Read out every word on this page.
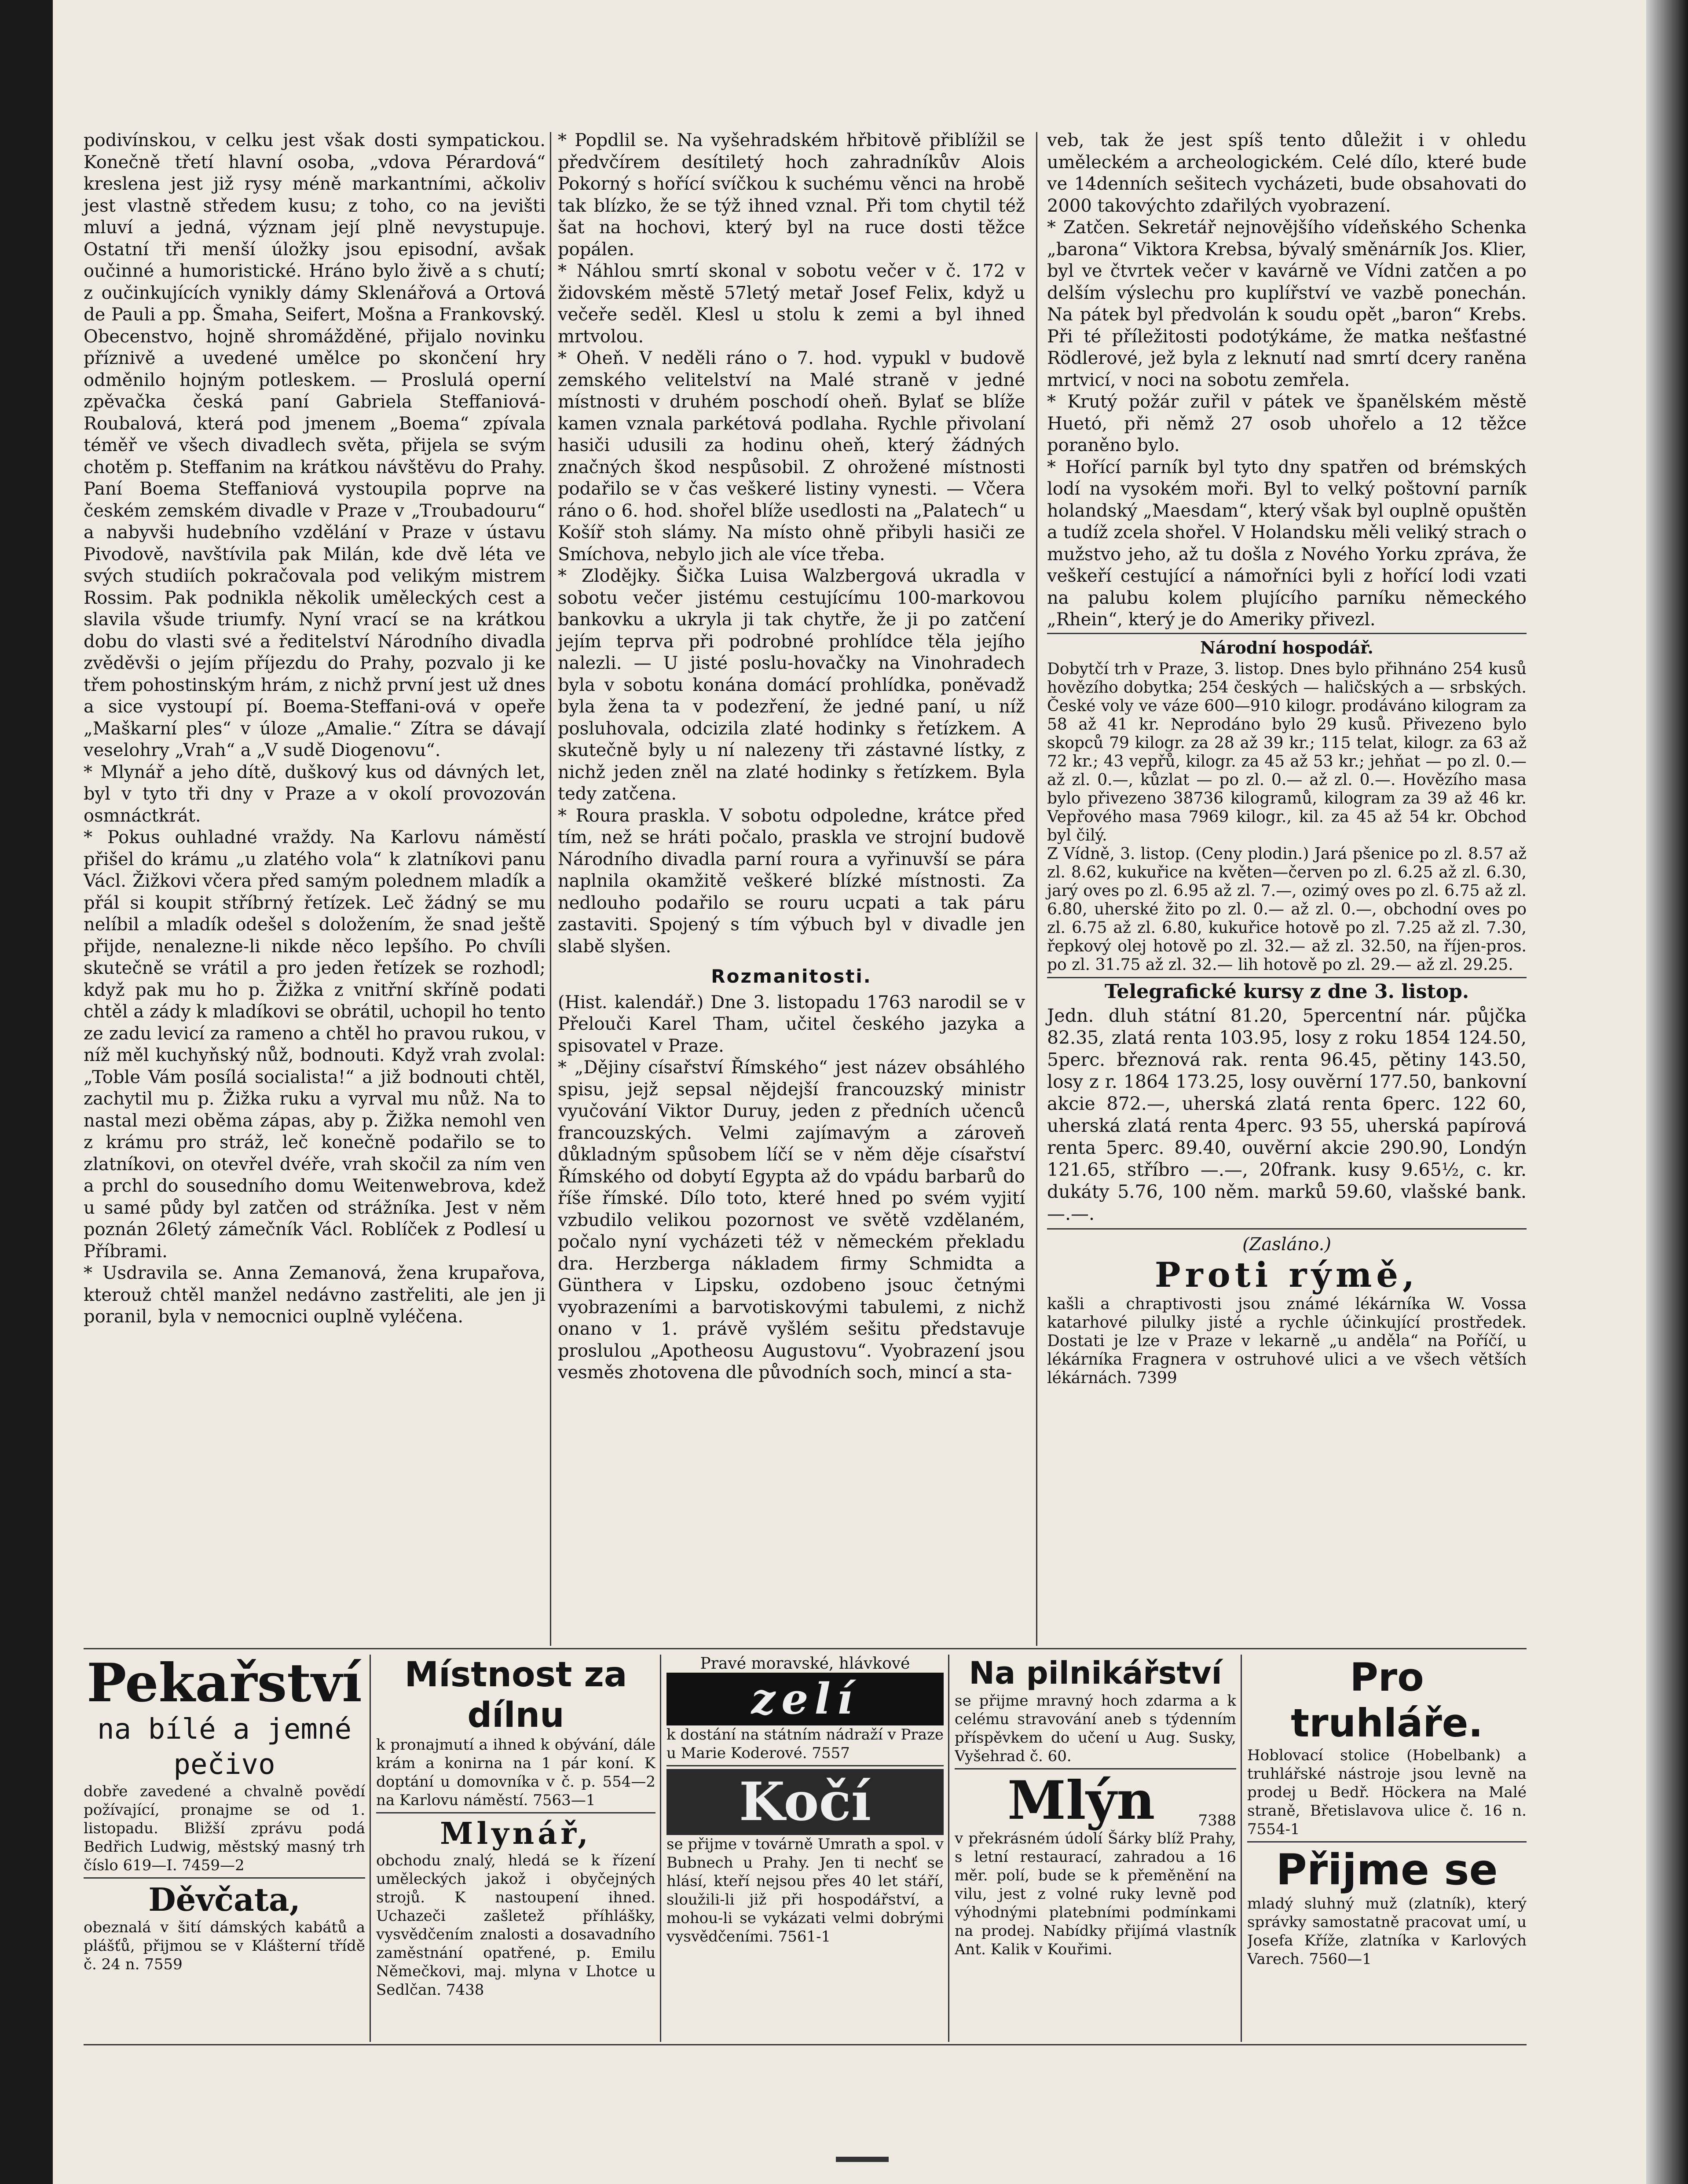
podivínskou, v celku jest však dosti sympatickou. Konečně třetí hlavní osoba, „vdova Pérardová“ kreslena jest již rysy méně markantními, ačkoliv jest vlastně středem kusu; z toho, co na jevišti mluví a jedná, význam její plně nevystupuje. Ostatní tři menší úložky jsou episodní, avšak oučinné a humoristické. Hráno bylo živě a s chutí; z oučinkujících vynikly dámy Sklenářová a Ortová de Pauli a pp. Šmaha, Seifert, Mošna a Frankovský. Obecenstvo, hojně shromážděné, přijalo novinku příznivě a uvedené umělce po skončení hry odměnilo hojným potleskem. — Proslulá operní zpěvačka česká paní Gabriela Steffaniová-Roubalová, která pod jmenem „Boema“ zpívala téměř ve všech divadlech světa, přijela se svým chotěm p. Steffanim na krátkou návštěvu do Prahy. Paní Boema Steffaniová vystoupila poprve na českém zemském divadle v Praze v „Troubadouru“ a nabyvši hudebního vzdělání v Praze v ústavu Pivodově, navštívila pak Milán, kde dvě léta ve svých studiích pokračovala pod velikým mistrem Rossim. Pak podnikla několik uměleckých cest a slavila všude triumfy. Nyní vrací se na krátkou dobu do vlasti své a ředitelství Národního divadla zvěděvši o jejím příjezdu do Prahy, pozvalo ji ke třem pohostinským hrám, z nichž první jest už dnes a sice vystoupí pí. Boema-Steffani-ová v opeře „Maškarní ples“ v úloze „Amalie.“ Zítra se dávají veselohry „Vrah“ a „V sudě Diogenovu“.

* Mlynář a jeho dítě, duškový kus od dávných let, byl v tyto tři dny v Praze a v okolí provozován osmnáctkrát.

* Pokus ouhladné vraždy. Na Karlovu náměstí přišel do krámu „u zlatého vola“ k zlatníkovi panu Václ. Žižkovi včera před samým polednem mladík a přál si koupit stříbrný řetízek. Leč žádný se mu nelíbil a mladík odešel s doložením, že snad ještě přijde, nenalezne-li nikde něco lepšího. Po chvíli skutečně se vrátil a pro jeden řetízek se rozhodl; když pak mu ho p. Žižka z vnitřní skříně podati chtěl a zády k mladíkovi se obrátil, uchopil ho tento ze zadu levicí za rameno a chtěl ho pravou rukou, v níž měl kuchyňský nůž, bodnouti. Když vrah zvolal: „Toble Vám posílá socialista!“ a již bodnouti chtěl, zachytil mu p. Žižka ruku a vyrval mu nůž. Na to nastal mezi oběma zápas, aby p. Žižka nemohl ven z krámu pro stráž, leč konečně podařilo se to zlatníkovi, on otevřel dvéře, vrah skočil za ním ven a prchl do sousedního domu Weitenwebrova, kdež u samé půdy byl zatčen od strážníka. Jest v něm poznán 26letý zámečník Václ. Roblíček z Podlesí u Příbrami.

* Usdravila se. Anna Zemanová, žena krupařova, kterouž chtěl manžel nedávno zastřeliti, ale jen ji poranil, byla v nemocnici ouplně vyléčena.

* Popdlil se. Na vyšehradském hřbitově přiblížil se předvčírem desítiletý hoch zahradníkův Alois Pokorný s hořící svíčkou k suchému věnci na hrobě tak blízko, že se týž ihned vznal. Při tom chytil též šat na hochovi, který byl na ruce dosti těžce popálen.

* Náhlou smrtí skonal v sobotu večer v č. 172 v židovském městě 57letý metař Josef Felix, když u večeře seděl. Klesl u stolu k zemi a byl ihned mrtvolou.

* Oheň. V neděli ráno o 7. hod. vypukl v budově zemského velitelství na Malé straně v jedné místnosti v druhém poschodí oheň. Bylať se blíže kamen vznala parkétová podlaha. Rychle přivolaní hasiči udusili za hodinu oheň, který žádných značných škod nespůsobil. Z ohrožené místnosti podařilo se v čas veškeré listiny vynesti. — Včera ráno o 6. hod. shořel blíže usedlosti na „Palatech“ u Košíř stoh slámy. Na místo ohně přibyli hasiči ze Smíchova, nebylo jich ale více třeba.

* Zlodějky. Šička Luisa Walzbergová ukradla v sobotu večer jistému cestujícímu 100-markovou bankovku a ukryla ji tak chytře, že ji po zatčení jejím teprva při podrobné prohlídce těla jejího nalezli. — U jisté poslu-hovačky na Vinohradech byla v sobotu konána domácí prohlídka, poněvadž byla žena ta v podezření, že jedné paní, u níž posluhovala, odcizila zlaté hodinky s řetízkem. A skutečně byly u ní nalezeny tři zástavné lístky, z nichž jeden zněl na zlaté hodinky s řetízkem. Byla tedy zatčena.

* Roura praskla. V sobotu odpoledne, krátce před tím, než se hráti počalo, praskla ve strojní budově Národního divadla parní roura a vyřinuvší se pára naplnila okamžitě veškeré blízké místnosti. Za nedlouho podařilo se rouru ucpati a tak páru zastaviti. Spojený s tím výbuch byl v divadle jen slabě slyšen.

Rozmanitosti.

(Hist. kalendář.) Dne 3. listopadu 1763 narodil se v Přelouči Karel Tham, učitel českého jazyka a spisovatel v Praze.

* „Dějiny císařství Římského“ jest název obsáhlého spisu, jejž sepsal nějdejší francouzský ministr vyučování Viktor Duruy, jeden z předních učenců francouzských. Velmi zajímavým a zároveň důkladným spůsobem líčí se v něm děje císařství Římského od dobytí Egypta až do vpádu barbarů do říše římské. Dílo toto, které hned po svém vyjití vzbudilo velikou pozornost ve světě vzdělaném, počalo nyní vycházeti též v německém překladu dra. Herzberga nákladem firmy Schmidta a Günthera v Lipsku, ozdobeno jsouc četnými vyobrazeními a barvotiskovými tabulemi, z nichž onano v 1. právě vyšlém sešitu představuje proslulou „Apotheosu Augustovu“. Vyobrazení jsou vesměs zhotovena dle původních soch, mincí a sta-

veb, tak že jest spíš tento důležit i v ohledu uměleckém a archeologickém. Celé dílo, které bude ve 14denních sešitech vycházeti, bude obsahovati do 2000 takovýchto zdařilých vyobrazení.

* Zatčen. Sekretář nejnovějšího vídeňského Schenka „barona“ Viktora Krebsa, bývalý směnárník Jos. Klier, byl ve čtvrtek večer v kavárně ve Vídni zatčen a po delším výslechu pro kuplířství ve vazbě ponechán. Na pátek byl předvolán k soudu opět „baron“ Krebs. Při té příležitosti podotýkáme, že matka nešťastné Rödlerové, jež byla z leknutí nad smrtí dcery raněna mrtvicí, v noci na sobotu zemřela.

* Krutý požár zuřil v pátek ve španělském městě Huetó, při němž 27 osob uhořelo a 12 těžce poraněno bylo.

* Hořící parník byl tyto dny spatřen od brémských lodí na vysokém moři. Byl to velký poštovní parník holandský „Maesdam“, který však byl ouplně opuštěn a tudíž zcela shořel. V Holandsku měli veliký strach o mužstvo jeho, až tu došla z Nového Yorku zpráva, že veškeří cestující a námořníci byli z hořící lodi vzati na palubu kolem plujícího parníku německého „Rhein“, který je do Ameriky přivezl.

Národní hospodář.

Dobytčí trh v Praze, 3. listop. Dnes bylo přihnáno 254 kusů hovězího dobytka; 254 českých — haličských a — srbských. České voly ve váze 600—910 kilogr. prodáváno kilogram za 58 až 41 kr. Neprodáno bylo 29 kusů. Přivezeno bylo skopců 79 kilogr. za 28 až 39 kr.; 115 telat, kilogr. za 63 až 72 kr.; 43 vepřů, kilogr. za 45 až 53 kr.; jehňat — po zl. 0.— až zl. 0.—, kůzlat — po zl. 0.— až zl. 0.—. Hovězího masa bylo přivezeno 38736 kilogramů, kilogram za 39 až 46 kr. Vepřového masa 7969 kilogr., kil. za 45 až 54 kr. Obchod byl čilý.

Z Vídně, 3. listop. (Ceny plodin.) Jará pšenice po zl. 8.57 až zl. 8.62, kukuřice na květen—červen po zl. 6.25 až zl. 6.30, jarý oves po zl. 6.95 až zl. 7.—, ozimý oves po zl. 6.75 až zl. 6.80, uherské žito po zl. 0.— až zl. 0.—, obchodní oves po zl. 6.75 až zl. 6.80, kukuřice hotově po zl. 7.25 až zl. 7.30, řepkový olej hotově po zl. 32.— až zl. 32.50, na říjen-pros. po zl. 31.75 až zl. 32.— lih hotově po zl. 29.— až zl. 29.25.

Telegrafické kursy z dne 3. listop.

Jedn. dluh státní 81.20, 5percentní nár. půjčka 82.35, zlatá renta 103.95, losy z roku 1854 124.50, 5perc. březnová rak. renta 96.45, pětiny 143.50, losy z r. 1864 173.25, losy ouvěrní 177.50, bankovní akcie 872.—, uherská zlatá renta 6perc. 122 60, uherská zlatá renta 4perc. 93 55, uherská papírová renta 5perc. 89.40, ouvěrní akcie 290.90, Londýn 121.65, stříbro —.—, 20frank. kusy 9.65½, c. kr. dukáty 5.76, 100 něm. marků 59.60, vlašské bank. —.—.

(Zasláno.)
Proti rýmě,

kašli a chraptivosti jsou známé lékárníka W. Vossa katarhové pilulky jisté a rychle účinkující prostředek. Dostati je lze v Praze v lekarně „u anděla“ na Poříčí, u lékárníka Fragnera v ostruhové ulici a ve všech větších lékárnách. 7399

Pekařství
na bílé a jemné pečivo

dobře zavedené a chvalně povědí požívající, pronajme se od 1. listopadu. Bližší zprávu podá Bedřich Ludwig, městský masný trh číslo 619—I. 7459—2

Děvčata,

obeznalá v šití dámských kabátů a plášťů, přijmou se v Klášterní třídě č. 24 n. 7559

Místnost za dílnu

k pronajmutí a ihned k obývání, dále krám a konirna na 1 pár koní. K doptání u domovníka v č. p. 554—2 na Karlovu náměstí. 7563—1

Mlynář,

obchodu znalý, hledá se k řízení uměleckých jakož i obyčejných strojů. K nastoupení ihned. Uchazeči zašletež příhlášky, vysvědčením znalosti a dosavadního zaměstnání opatřené, p. Emilu Němečkovi, maj. mlyna v Lhotce u Sedlčan. 7438

Pravé moravské, hlávkové
zelí

k dostání na státním nádraží v Praze u Marie Koderové. 7557

Kočí

se přijme v továrně Umrath a spol. v Bubnech u Prahy. Jen ti nechť se hlásí, kteří nejsou přes 40 let stáří, sloužili-li již při hospodářství, a mohou-li se vykázati velmi dobrými vysvědčeními. 7561-1

Na pilnikářství

se přijme mravný hoch zdarma a k celému stravování aneb s týdenním příspěvkem do učení u Aug. Susky, Vyšehrad č. 60.

Mlýn	7388

v překrásném údolí Šárky blíž Prahy, s letní restaurací, zahradou a 16 měr. polí, bude se k přeměnění na vilu, jest z volné ruky levně pod výhodnými platebními podmínkami na prodej. Nabídky přijímá vlastník Ant. Kalik v Kouřimi.

Pro truhláře.

Hoblovací stolice (Hobelbank) a truhlářské nástroje jsou levně na prodej u Bedř. Höckera na Malé straně, Břetislavova ulice č. 16 n. 7554-1

Přijme se

mladý sluhný muž (zlatník), který správky samostatně pracovat umí, u Josefa Kříže, zlatníka v Karlových Varech. 7560—1
